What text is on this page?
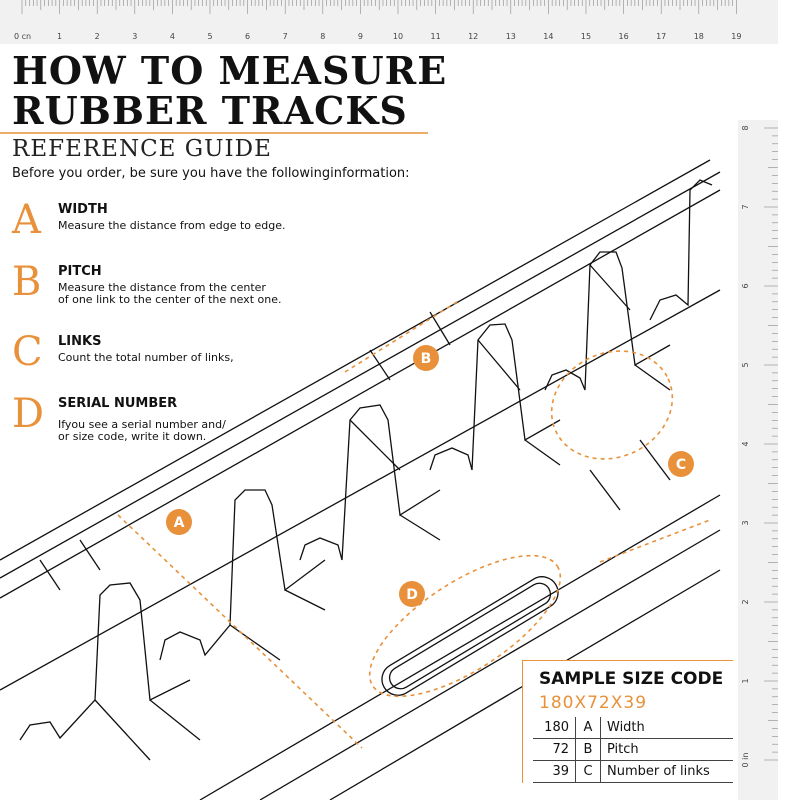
0 cn	1	2	3	4	5	6	7	8	9	10	11	12	13	14	15	16	17	18	19
0 in
1
2
3
4
5
6
7
8
A
B
C
D
HOW TO MEASURE
RUBBER TRACKS
REFERENCE GUIDE
Before you order, be sure you have the followinginformation:
A WIDTH
Measure the distance from edge to edge.
B PITCH
Measure the distance from the center
of one link to the center of the next one.
C LINKS
Count the total number of links,
D SERIAL NUMBER
Ifyou see a serial number and/
or size code, write it down.
SAMPLE SIZE CODE
180X72X39
180	A	Width
72	B	Pitch
39	C	Number of links
